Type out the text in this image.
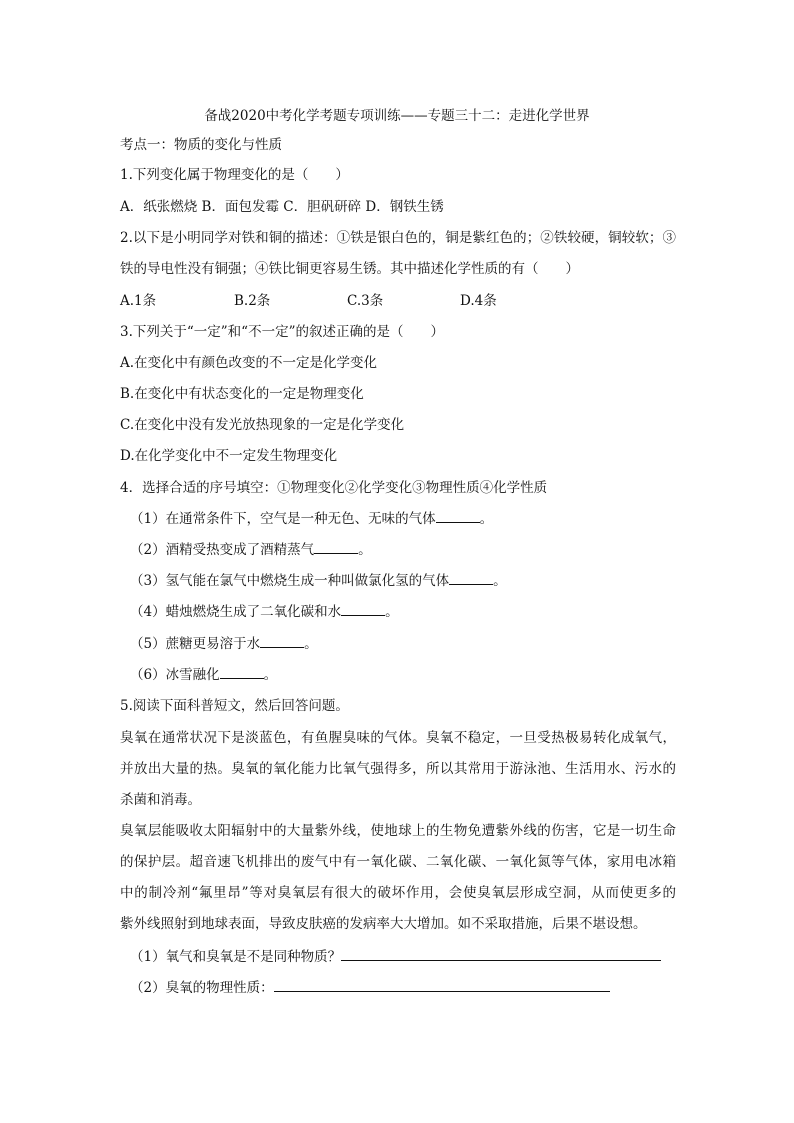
备战2020中考化学考题专项训练——专题三十二：走进化学世界
考点一：物质的变化与性质
1.下列变化属于物理变化的是（　　）
A．纸张燃烧 B．面包发霉 C．胆矾研碎 D．钢铁生锈
2.以下是小明同学对铁和铜的描述：①铁是银白色的，铜是紫红色的；②铁较硬，铜较软；③
铁的导电性没有铜强；④铁比铜更容易生锈。其中描述化学性质的有（　　）
A.1条	B.2条	C.3条	D.4条
3.下列关于“一定”和“不一定”的叙述正确的是（　　）
A.在变化中有颜色改变的不一定是化学变化
B.在变化中有状态变化的一定是物理变化
C.在变化中没有发光放热现象的一定是化学变化
D.在化学变化中不一定发生物理变化
4．选择合适的序号填空：①物理变化②化学变化③物理性质④化学性质
（1）在通常条件下，空气是一种无色、无味的气体	。
（2）酒精受热变成了酒精蒸气	。
（3）氢气能在氯气中燃烧生成一种叫做氯化氢的气体	。
（4）蜡烛燃烧生成了二氧化碳和水	。
（5）蔗糖更易溶于水	。
（6）冰雪融化	。
5.阅读下面科普短文，然后回答问题。
臭氧在通常状况下是淡蓝色，有鱼腥臭味的气体。臭氧不稳定，一旦受热极易转化成氧气，
并放出大量的热。臭氧的氧化能力比氧气强得多，所以其常用于游泳池、生活用水、污水的
杀菌和消毒。
臭氧层能吸收太阳辐射中的大量紫外线，使地球上的生物免遭紫外线的伤害，它是一切生命
的保护层。超音速飞机排出的废气中有一氧化碳、二氧化碳、一氧化氮等气体，家用电冰箱
中的制冷剂“氟里昂”等对臭氧层有很大的破坏作用，会使臭氧层形成空洞，从而使更多的
紫外线照射到地球表面，导致皮肤癌的发病率大大增加。如不采取措施，后果不堪设想。
（1）氧气和臭氧是不是同种物质？
（2）臭氧的物理性质：
